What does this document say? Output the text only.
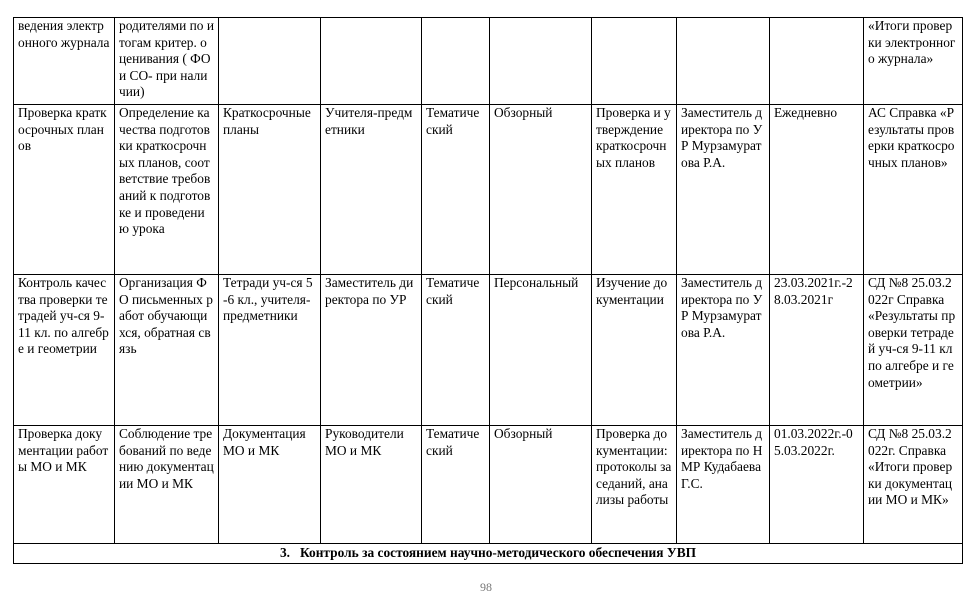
ведения электронного журнала	родителями по итогам критер. оценивания ( ФО и СО- при наличии)								«Итоги проверки электронного журнала»

Проверка краткосрочных планов	Определение качества подготовки краткосрочных планов, соответствие требований к подготовке и проведению урока	Краткосрочные планы	Учителя-предметники	Тематический	Обзорный	Проверка и утверждение краткосрочных планов	Заместитель директора по УР Мурзамуратова Р.А.	Ежедневно	АС Справка «Результаты проверки краткосрочных планов»

Контроль качества проверки тетрадей уч-ся 9-11 кл. по алгебре и геометрии	Организация ФО письменных работ обучающихся, обратная связь	Тетради уч-ся 5-6 кл., учителя-предметники	Заместитель директора по УР	Тематический	Персональный	Изучение документации	Заместитель директора по УР Мурзамуратова Р.А.	23.03.2021г.-28.03.2021г	СД №8 25.03.2022г Справка «Результаты проверки тетрадей уч-ся 9-11 кл по алгебре и геометрии»

Проверка документации работы МО и МК	Соблюдение требований по ведению документации МО и МК	Документация МО и МК	Руководители МО и МК	Тематический	Обзорный	Проверка документации: протоколы заседаний, анализы работы	Заместитель директора по НМР Кудабаева Г.С.	01.03.2022г.-05.03.2022г.	СД №8 25.03.2022г. Справка «Итоги проверки документации МО и МК»

3. Контроль за состоянием научно-методического обеспечения УВП									
98
